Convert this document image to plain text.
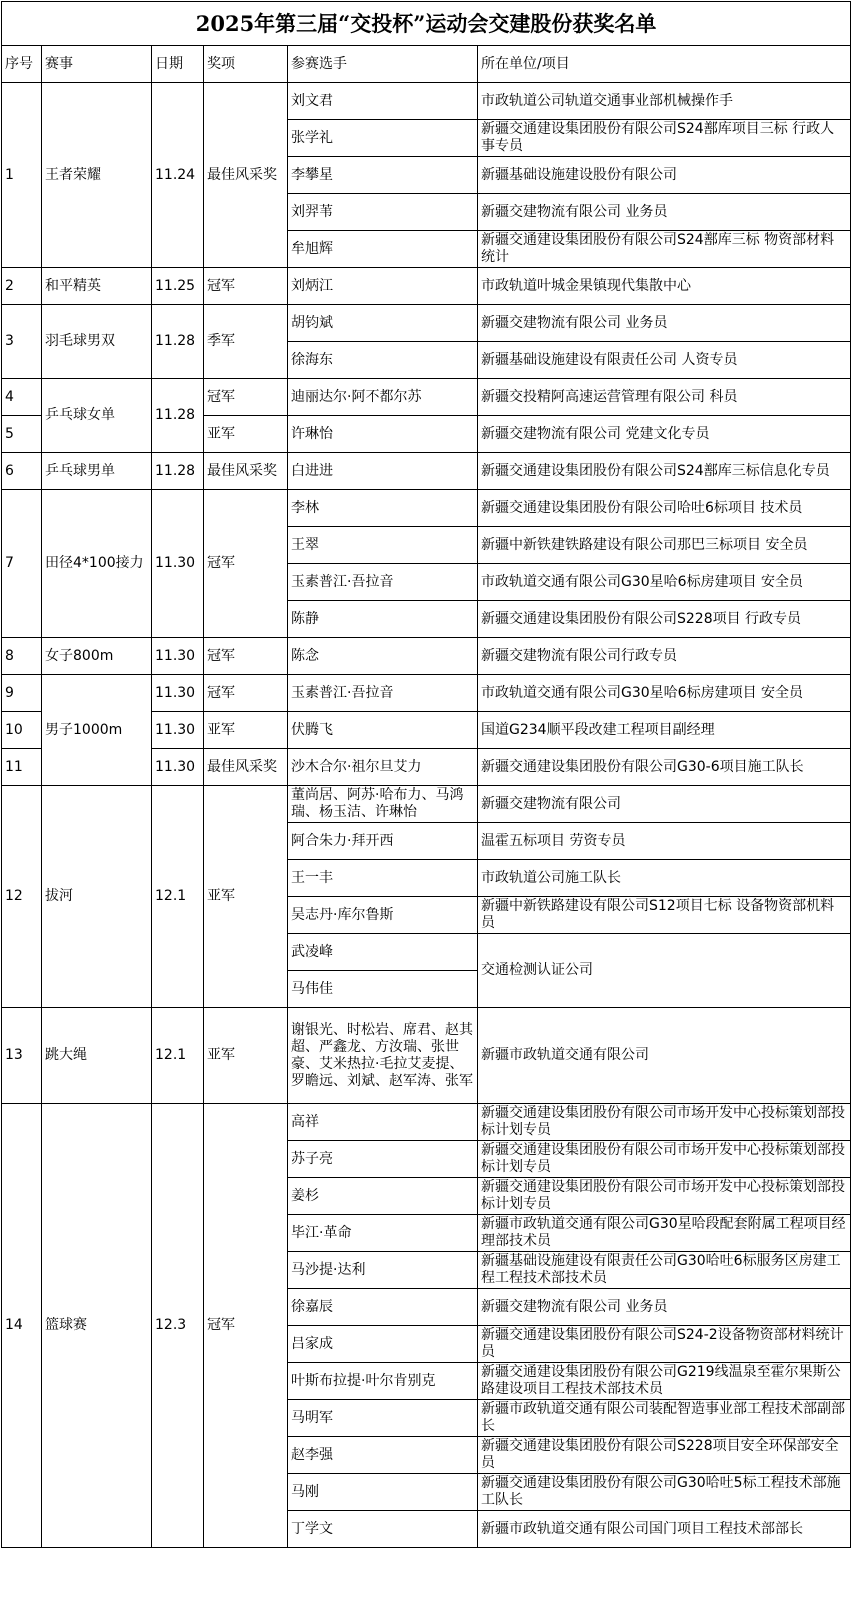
2025年第三届“交投杯”运动会交建股份获奖名单					
序号	赛事	日期	奖项	参赛选手	所在单位/项目
1	王者荣耀	11.24	最佳风采奖	刘文君	市政轨道公司轨道交通事业部机械操作手
				张学礼	新疆交通建设集团股份有限公司S24鄯库项目三标 行政人事专员
				李攀星	新疆基础设施建设股份有限公司
				刘羿苇	新疆交建物流有限公司 业务员
				牟旭辉	新疆交通建设集团股份有限公司S24鄯库三标 物资部材料统计
2	和平精英	11.25	冠军	刘炳江	市政轨道叶城金果镇现代集散中心
3	羽毛球男双	11.28	季军	胡钧斌	新疆交建物流有限公司 业务员
				徐海东	新疆基础设施建设有限责任公司 人资专员
4	乒乓球女单	11.28	冠军	迪丽达尔·阿不都尔苏	新疆交投精阿高速运营管理有限公司 科员
5			亚军	许琳怡	新疆交建物流有限公司 党建文化专员
6	乒乓球男单	11.28	最佳风采奖	白进进	新疆交通建设集团股份有限公司S24鄯库三标信息化专员
7	田径4*100接力	11.30	冠军	李林	新疆交通建设集团股份有限公司哈吐6标项目 技术员
				王翠	新疆中新铁建铁路建设有限公司那巴三标项目 安全员
				玉素普江·吾拉音	市政轨道交通有限公司G30星哈6标房建项目 安全员
				陈静	新疆交通建设集团股份有限公司S228项目 行政专员
8	女子800m	11.30	冠军	陈念	新疆交建物流有限公司行政专员
9	男子1000m	11.30	冠军	玉素普江·吾拉音	市政轨道交通有限公司G30星哈6标房建项目 安全员
10		11.30	亚军	伏腾飞	国道G234顺平段改建工程项目副经理
11		11.30	最佳风采奖	沙木合尔·祖尔旦艾力	新疆交通建设集团股份有限公司G30-6项目施工队长
12	拔河	12.1	亚军	董尚居、阿苏·哈布力、马鸿瑞、杨玉洁、许琳怡	新疆交建物流有限公司
				阿合朱力·拜开西	温霍五标项目 劳资专员
				王一丰	市政轨道公司施工队长
				吴志丹·库尔鲁斯	新疆中新铁路建设有限公司S12项目七标 设备物资部机料员
				武凌峰	交通检测认证公司
				马伟佳	
13	跳大绳	12.1	亚军	谢银光、时松岩、席君、赵其超、严鑫龙、方汝瑞、张世豪、艾米热拉·毛拉艾麦提、罗瞻远、刘斌、赵军涛、张军	新疆市政轨道交通有限公司
14	篮球赛	12.3	冠军	高祥	新疆交通建设集团股份有限公司市场开发中心投标策划部投标计划专员
				苏子亮	新疆交通建设集团股份有限公司市场开发中心投标策划部投标计划专员
				姜杉	新疆交通建设集团股份有限公司市场开发中心投标策划部投标计划专员
				毕江·革命	新疆市政轨道交通有限公司G30星哈段配套附属工程项目经理部技术员
				马沙提·达利	新疆基础设施建设有限责任公司G30哈吐6标服务区房建工程工程技术部技术员
				徐嘉辰	新疆交建物流有限公司 业务员
				吕家成	新疆交通建设集团股份有限公司S24-2设备物资部材料统计员
				叶斯布拉提·叶尔肯别克	新疆交通建设集团股份有限公司G219线温泉至霍尔果斯公路建设项目工程技术部技术员
				马明军	新疆市政轨道交通有限公司装配智造事业部工程技术部副部长
				赵李强	新疆交通建设集团股份有限公司S228项目安全环保部安全员
				马刚	新疆交通建设集团股份有限公司G30哈吐5标工程技术部施工队长
				丁学文	新疆市政轨道交通有限公司国门项目工程技术部部长
